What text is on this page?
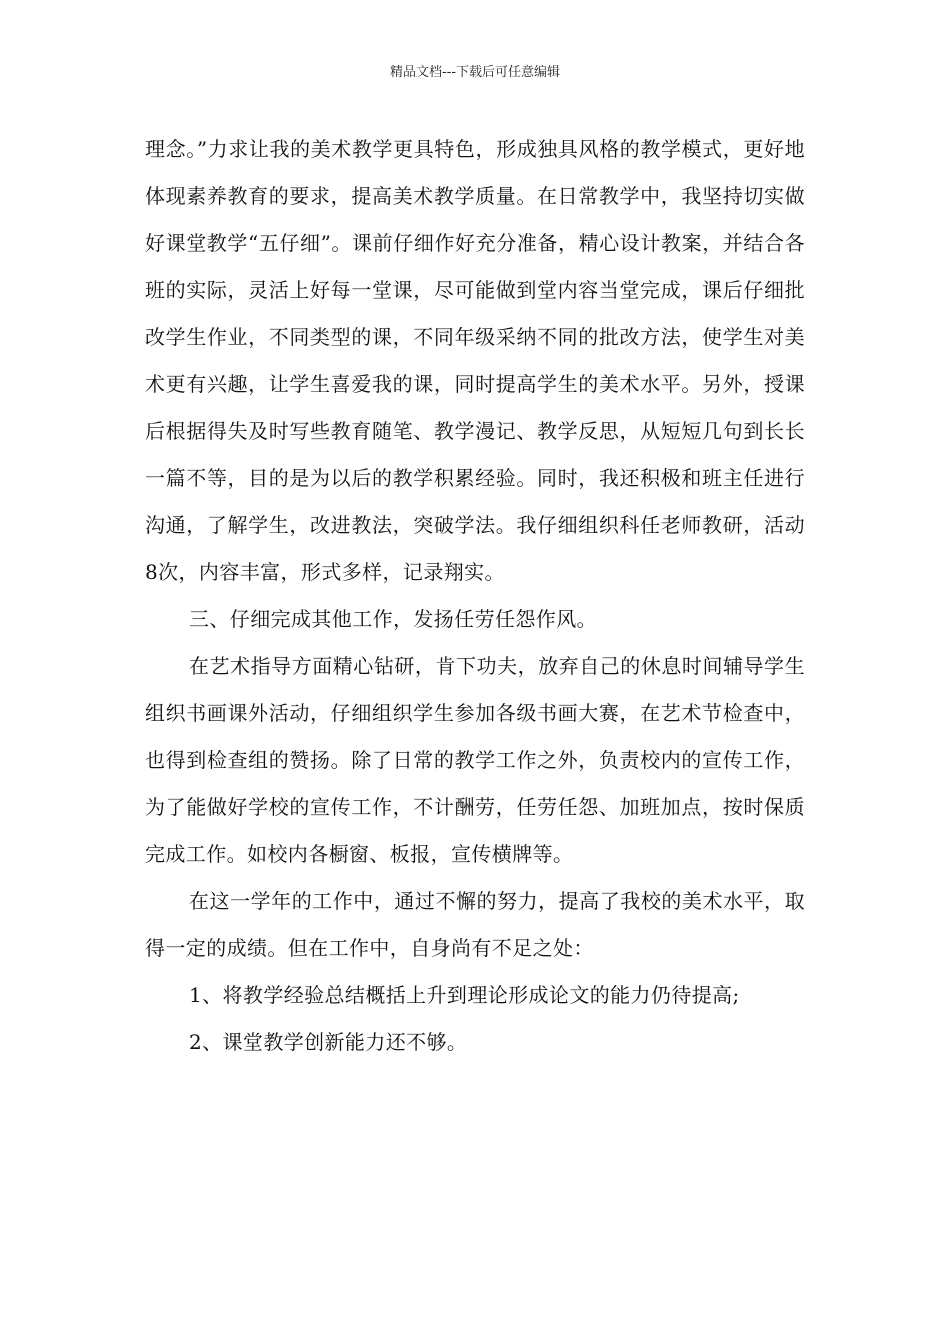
精品文档---下载后可任意编辑

理念。”力求让我的美术教学更具特色，形成独具风格的教学模式，更好地体现素养教育的要求，提高美术教学质量。在日常教学中，我坚持切实做好课堂教学“五仔细”。课前仔细作好充分准备，精心设计教案，并结合各班的实际，灵活上好每一堂课，尽可能做到堂内容当堂完成，课后仔细批改学生作业，不同类型的课，不同年级采纳不同的批改方法，使学生对美术更有兴趣，让学生喜爱我的课，同时提高学生的美术水平。另外，授课后根据得失及时写些教育随笔、教学漫记、教学反思，从短短几句到长长一篇不等，目的是为以后的教学积累经验。同时，我还积极和班主任进行沟通，了解学生，改进教法，突破学法。我仔细组织科任老师教研，活动8次，内容丰富，形式多样，记录翔实。

三、仔细完成其他工作，发扬任劳任怨作风。

在艺术指导方面精心钻研，肯下功夫，放弃自己的休息时间辅导学生组织书画课外活动，仔细组织学生参加各级书画大赛，在艺术节检查中，也得到检查组的赞扬。除了日常的教学工作之外，负责校内的宣传工作，为了能做好学校的宣传工作，不计酬劳，任劳任怨、加班加点，按时保质完成工作。如校内各橱窗、板报，宣传横牌等。

在这一学年的工作中，通过不懈的努力，提高了我校的美术水平，取得一定的成绩。但在工作中，自身尚有不足之处：

1、将教学经验总结概括上升到理论形成论文的能力仍待提高;

2、课堂教学创新能力还不够。
